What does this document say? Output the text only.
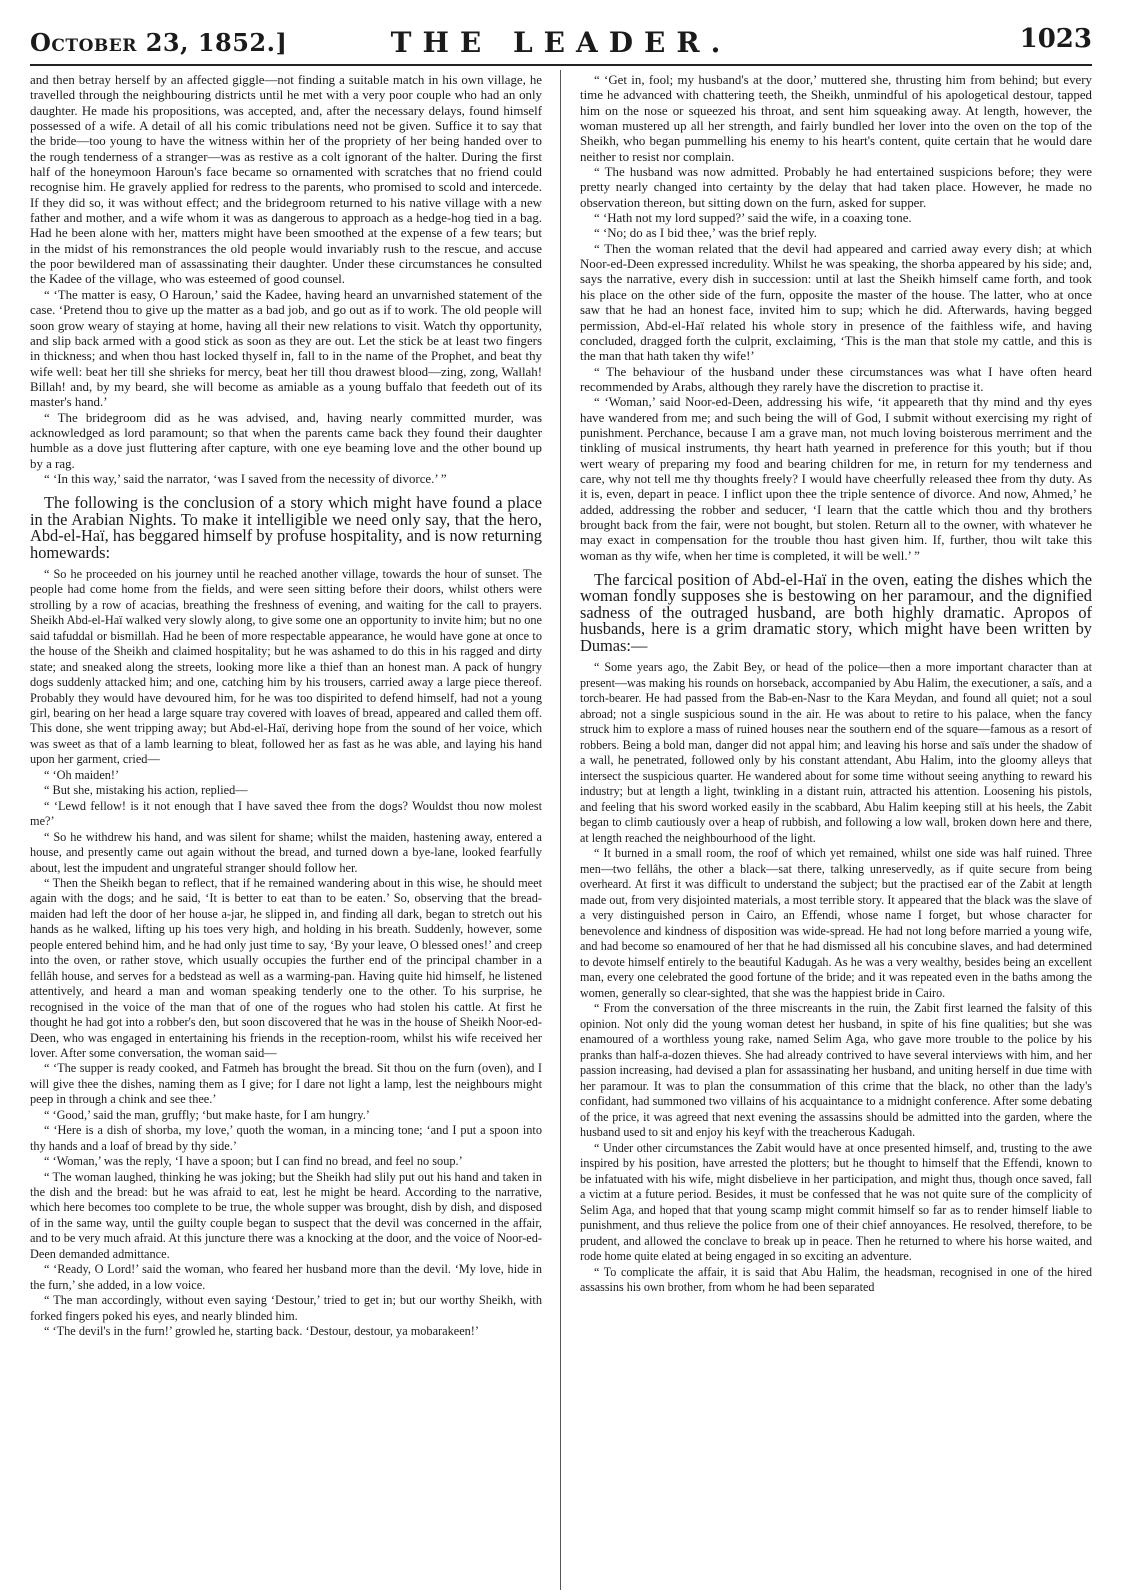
October 23, 1852.]	THE LEADER.	1023

and then betray herself by an affected giggle—not finding a suitable match in his own village, he travelled through the neighbouring districts until he met with a very poor couple who had an only daughter. He made his propositions, was accepted, and, after the necessary delays, found himself possessed of a wife. A detail of all his comic tribulations need not be given. Suffice it to say that the bride—too young to have the witness within her of the propriety of her being handed over to the rough tenderness of a stranger—was as restive as a colt ignorant of the halter. During the first half of the honeymoon Haroun's face became so ornamented with scratches that no friend could recognise him. He gravely applied for redress to the parents, who promised to scold and intercede. If they did so, it was without effect; and the bridegroom returned to his native village with a new father and mother, and a wife whom it was as dangerous to approach as a hedge-hog tied in a bag. Had he been alone with her, matters might have been smoothed at the expense of a few tears; but in the midst of his remonstrances the old people would invariably rush to the rescue, and accuse the poor bewildered man of assassinating their daughter. Under these circumstances he consulted the Kadee of the village, who was esteemed of good counsel.

“ ‘The matter is easy, O Haroun,’ said the Kadee, having heard an unvarnished statement of the case. ‘Pretend thou to give up the matter as a bad job, and go out as if to work. The old people will soon grow weary of staying at home, having all their new relations to visit. Watch thy opportunity, and slip back armed with a good stick as soon as they are out. Let the stick be at least two fingers in thickness; and when thou hast locked thyself in, fall to in the name of the Prophet, and beat thy wife well: beat her till she shrieks for mercy, beat her till thou drawest blood—zing, zong, Wallah! Billah! and, by my beard, she will become as amiable as a young buffalo that feedeth out of its master's hand.’

“ The bridegroom did as he was advised, and, having nearly committed murder, was acknowledged as lord paramount; so that when the parents came back they found their daughter humble as a dove just fluttering after capture, with one eye beaming love and the other bound up by a rag.

“ ‘In this way,’ said the narrator, ‘was I saved from the necessity of divorce.’ ”

The following is the conclusion of a story which might have found a place in the Arabian Nights. To make it intelligible we need only say, that the hero, Abd-el-Haï, has beggared himself by profuse hospitality, and is now returning homewards:

“ So he proceeded on his journey until he reached another village, towards the hour of sunset. The people had come home from the fields, and were seen sitting before their doors, whilst others were strolling by a row of acacias, breathing the freshness of evening, and waiting for the call to prayers. Sheikh Abd-el-Haï walked very slowly along, to give some one an opportunity to invite him; but no one said tafuddal or bismillah. Had he been of more respectable appearance, he would have gone at once to the house of the Sheikh and claimed hospitality; but he was ashamed to do this in his ragged and dirty state; and sneaked along the streets, looking more like a thief than an honest man. A pack of hungry dogs suddenly attacked him; and one, catching him by his trousers, carried away a large piece thereof. Probably they would have devoured him, for he was too dispirited to defend himself, had not a young girl, bearing on her head a large square tray covered with loaves of bread, appeared and called them off. This done, she went tripping away; but Abd-el-Haï, deriving hope from the sound of her voice, which was sweet as that of a lamb learning to bleat, followed her as fast as he was able, and laying his hand upon her garment, cried—

“ ‘Oh maiden!’

“ But she, mistaking his action, replied—

“ ‘Lewd fellow! is it not enough that I have saved thee from the dogs? Wouldst thou now molest me?’

“ So he withdrew his hand, and was silent for shame; whilst the maiden, hastening away, entered a house, and presently came out again without the bread, and turned down a bye-lane, looked fearfully about, lest the impudent and ungrateful stranger should follow her.

“ Then the Sheikh began to reflect, that if he remained wandering about in this wise, he should meet again with the dogs; and he said, ‘It is better to eat than to be eaten.’ So, observing that the bread-maiden had left the door of her house a-jar, he slipped in, and finding all dark, began to stretch out his hands as he walked, lifting up his toes very high, and holding in his breath. Suddenly, however, some people entered behind him, and he had only just time to say, ‘By your leave, O blessed ones!’ and creep into the oven, or rather stove, which usually occupies the further end of the principal chamber in a fellâh house, and serves for a bedstead as well as a warming-pan. Having quite hid himself, he listened attentively, and heard a man and woman speaking tenderly one to the other. To his surprise, he recognised in the voice of the man that of one of the rogues who had stolen his cattle. At first he thought he had got into a robber's den, but soon discovered that he was in the house of Sheikh Noor-ed-Deen, who was engaged in entertaining his friends in the reception-room, whilst his wife received her lover. After some conversation, the woman said—

“ ‘The supper is ready cooked, and Fatmeh has brought the bread. Sit thou on the furn (oven), and I will give thee the dishes, naming them as I give; for I dare not light a lamp, lest the neighbours might peep in through a chink and see thee.’

“ ‘Good,’ said the man, gruffly; ‘but make haste, for I am hungry.’

“ ‘Here is a dish of shorba, my love,’ quoth the woman, in a mincing tone; ‘and I put a spoon into thy hands and a loaf of bread by thy side.’

“ ‘Woman,’ was the reply, ‘I have a spoon; but I can find no bread, and feel no soup.’

“ The woman laughed, thinking he was joking; but the Sheikh had slily put out his hand and taken in the dish and the bread: but he was afraid to eat, lest he might be heard. According to the narrative, which here becomes too complete to be true, the whole supper was brought, dish by dish, and disposed of in the same way, until the guilty couple began to suspect that the devil was concerned in the affair, and to be very much afraid. At this juncture there was a knocking at the door, and the voice of Noor-ed-Deen demanded admittance.

“ ‘Ready, O Lord!’ said the woman, who feared her husband more than the devil. ‘My love, hide in the furn,’ she added, in a low voice.

“ The man accordingly, without even saying ‘Destour,’ tried to get in; but our worthy Sheikh, with forked fingers poked his eyes, and nearly blinded him.

“ ‘The devil's in the furn!’ growled he, starting back. ‘Destour, destour, ya mobarakeen!’

“ ‘Get in, fool; my husband's at the door,’ muttered she, thrusting him from behind; but every time he advanced with chattering teeth, the Sheikh, unmindful of his apologetical destour, tapped him on the nose or squeezed his throat, and sent him squeaking away. At length, however, the woman mustered up all her strength, and fairly bundled her lover into the oven on the top of the Sheikh, who began pummelling his enemy to his heart's content, quite certain that he would dare neither to resist nor complain.

“ The husband was now admitted. Probably he had entertained suspicions before; they were pretty nearly changed into certainty by the delay that had taken place. However, he made no observation thereon, but sitting down on the furn, asked for supper.

“ ‘Hath not my lord supped?’ said the wife, in a coaxing tone.

“ ‘No; do as I bid thee,’ was the brief reply.

“ Then the woman related that the devil had appeared and carried away every dish; at which Noor-ed-Deen expressed incredulity. Whilst he was speaking, the shorba appeared by his side; and, says the narrative, every dish in succession: until at last the Sheikh himself came forth, and took his place on the other side of the furn, opposite the master of the house. The latter, who at once saw that he had an honest face, invited him to sup; which he did. Afterwards, having begged permission, Abd-el-Haï related his whole story in presence of the faithless wife, and having concluded, dragged forth the culprit, exclaiming, ‘This is the man that stole my cattle, and this is the man that hath taken thy wife!’

“ The behaviour of the husband under these circumstances was what I have often heard recommended by Arabs, although they rarely have the discretion to practise it.

“ ‘Woman,’ said Noor-ed-Deen, addressing his wife, ‘it appeareth that thy mind and thy eyes have wandered from me; and such being the will of God, I submit without exercising my right of punishment. Perchance, because I am a grave man, not much loving boisterous merriment and the tinkling of musical instruments, thy heart hath yearned in preference for this youth; but if thou wert weary of preparing my food and bearing children for me, in return for my tenderness and care, why not tell me thy thoughts freely? I would have cheerfully released thee from thy duty. As it is, even, depart in peace. I inflict upon thee the triple sentence of divorce. And now, Ahmed,’ he added, addressing the robber and seducer, ‘I learn that the cattle which thou and thy brothers brought back from the fair, were not bought, but stolen. Return all to the owner, with whatever he may exact in compensation for the trouble thou hast given him. If, further, thou wilt take this woman as thy wife, when her time is completed, it will be well.’ ”

The farcical position of Abd-el-Haï in the oven, eating the dishes which the woman fondly supposes she is bestowing on her paramour, and the dignified sadness of the outraged husband, are both highly dramatic. Apropos of husbands, here is a grim dramatic story, which might have been written by Dumas:—

“ Some years ago, the Zabit Bey, or head of the police—then a more important character than at present—was making his rounds on horseback, accompanied by Abu Halim, the executioner, a saïs, and a torch-bearer. He had passed from the Bab-en-Nasr to the Kara Meydan, and found all quiet; not a soul abroad; not a single suspicious sound in the air. He was about to retire to his palace, when the fancy struck him to explore a mass of ruined houses near the southern end of the square—famous as a resort of robbers. Being a bold man, danger did not appal him; and leaving his horse and saïs under the shadow of a wall, he penetrated, followed only by his constant attendant, Abu Halim, into the gloomy alleys that intersect the suspicious quarter. He wandered about for some time without seeing anything to reward his industry; but at length a light, twinkling in a distant ruin, attracted his attention. Loosening his pistols, and feeling that his sword worked easily in the scabbard, Abu Halim keeping still at his heels, the Zabit began to climb cautiously over a heap of rubbish, and following a low wall, broken down here and there, at length reached the neighbourhood of the light.

“ It burned in a small room, the roof of which yet remained, whilst one side was half ruined. Three men—two fellâhs, the other a black—sat there, talking unreservedly, as if quite secure from being overheard. At first it was difficult to understand the subject; but the practised ear of the Zabit at length made out, from very disjointed materials, a most terrible story. It appeared that the black was the slave of a very distinguished person in Cairo, an Effendi, whose name I forget, but whose character for benevolence and kindness of disposition was wide-spread. He had not long before married a young wife, and had become so enamoured of her that he had dismissed all his concubine slaves, and had determined to devote himself entirely to the beautiful Kadugah. As he was a very wealthy, besides being an excellent man, every one celebrated the good fortune of the bride; and it was repeated even in the baths among the women, generally so clear-sighted, that she was the happiest bride in Cairo.

“ From the conversation of the three miscreants in the ruin, the Zabit first learned the falsity of this opinion. Not only did the young woman detest her husband, in spite of his fine qualities; but she was enamoured of a worthless young rake, named Selim Aga, who gave more trouble to the police by his pranks than half-a-dozen thieves. She had already contrived to have several interviews with him, and her passion increasing, had devised a plan for assassinating her husband, and uniting herself in due time with her paramour. It was to plan the consummation of this crime that the black, no other than the lady's confidant, had summoned two villains of his acquaintance to a midnight conference. After some debating of the price, it was agreed that next evening the assassins should be admitted into the garden, where the husband used to sit and enjoy his keyf with the treacherous Kadugah.

“ Under other circumstances the Zabit would have at once presented himself, and, trusting to the awe inspired by his position, have arrested the plotters; but he thought to himself that the Effendi, known to be infatuated with his wife, might disbelieve in her participation, and might thus, though once saved, fall a victim at a future period. Besides, it must be confessed that he was not quite sure of the complicity of Selim Aga, and hoped that that young scamp might commit himself so far as to render himself liable to punishment, and thus relieve the police from one of their chief annoyances. He resolved, therefore, to be prudent, and allowed the conclave to break up in peace. Then he returned to where his horse waited, and rode home quite elated at being engaged in so exciting an adventure.

“ To complicate the affair, it is said that Abu Halim, the headsman, recognised in one of the hired assassins his own brother, from whom he had been separated
